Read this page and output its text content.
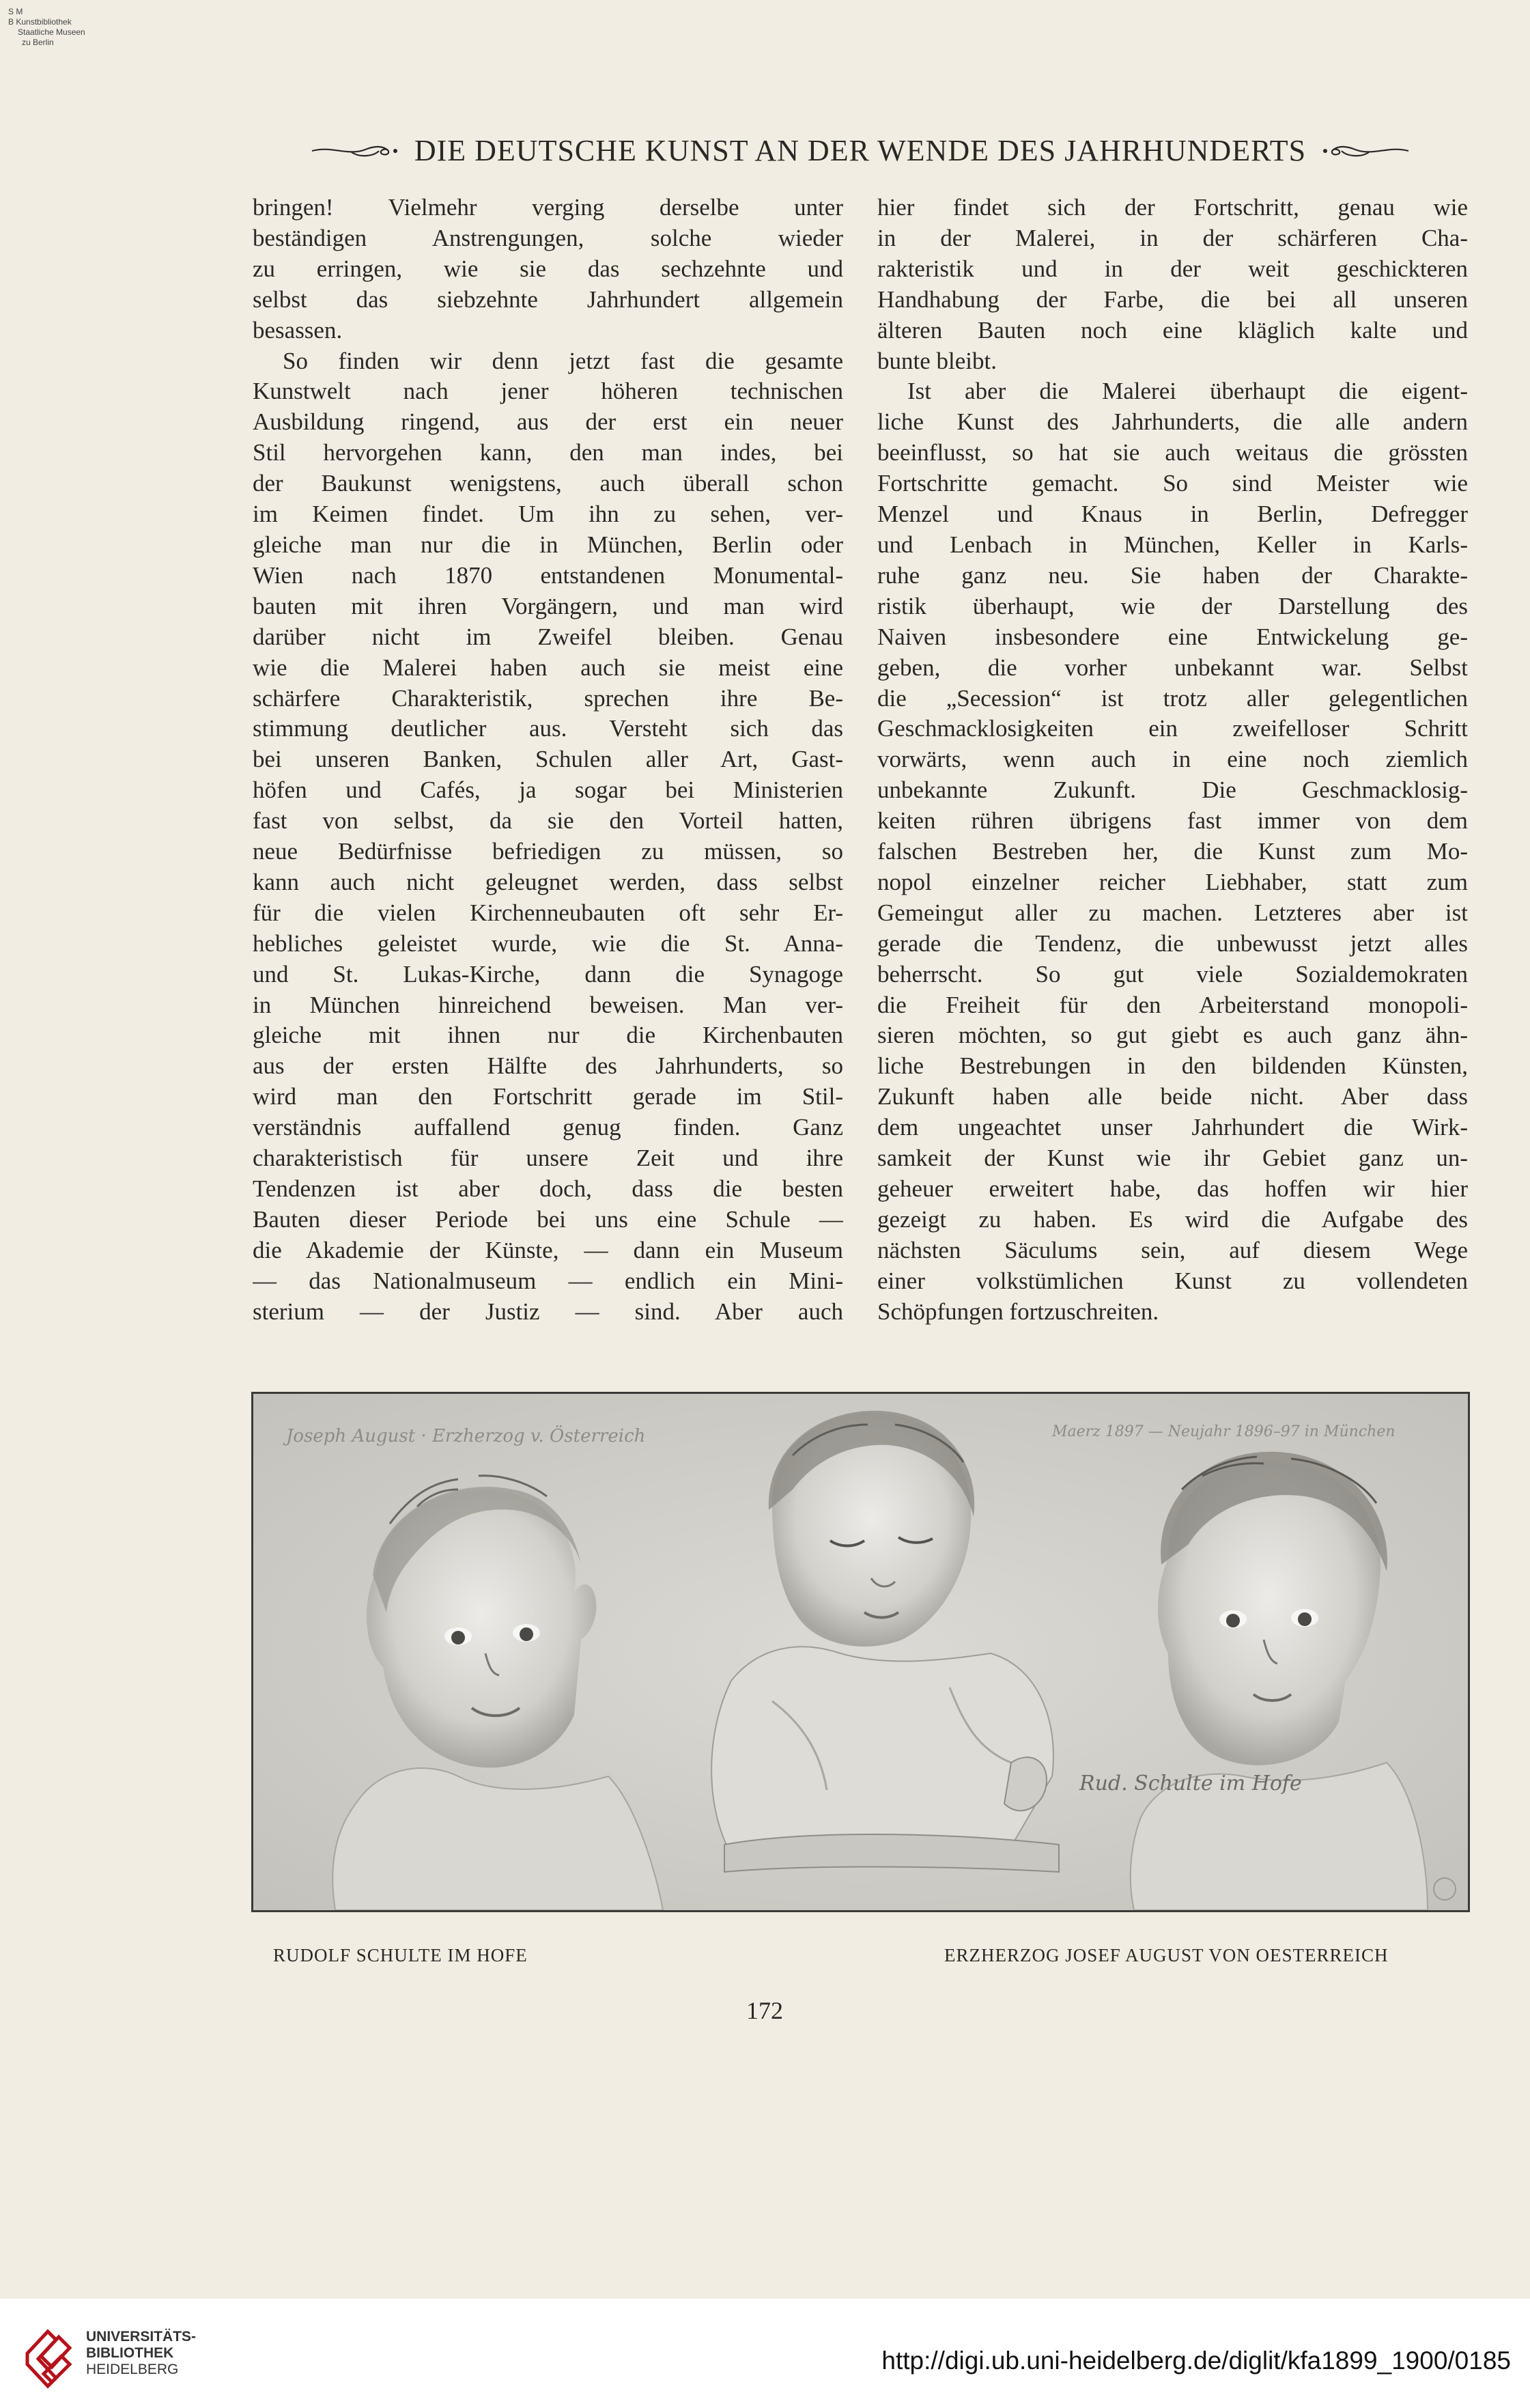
S M
B Kunstbibliothek
Staatliche Museen
zu Berlin
DIE DEUTSCHE KUNST AN DER WENDE DES JAHRHUNDERTS
bringen! Vielmehr verging derselbe unter
beständigen Anstrengungen, solche wieder
zu erringen, wie sie das sechzehnte und
selbst das siebzehnte Jahrhundert allgemein
besassen.
So finden wir denn jetzt fast die gesamte
Kunstwelt nach jener höheren technischen
Ausbildung ringend, aus der erst ein neuer
Stil hervorgehen kann, den man indes, bei
der Baukunst wenigstens, auch überall schon
im Keimen findet. Um ihn zu sehen, ver-
gleiche man nur die in München, Berlin oder
Wien nach 1870 entstandenen Monumental-
bauten mit ihren Vorgängern, und man wird
darüber nicht im Zweifel bleiben. Genau
wie die Malerei haben auch sie meist eine
schärfere Charakteristik, sprechen ihre Be-
stimmung deutlicher aus. Versteht sich das
bei unseren Banken, Schulen aller Art, Gast-
höfen und Cafés, ja sogar bei Ministerien
fast von selbst, da sie den Vorteil hatten,
neue Bedürfnisse befriedigen zu müssen, so
kann auch nicht geleugnet werden, dass selbst
für die vielen Kirchenneubauten oft sehr Er-
hebliches geleistet wurde, wie die St. Anna-
und St. Lukas-Kirche, dann die Synagoge
in München hinreichend beweisen. Man ver-
gleiche mit ihnen nur die Kirchenbauten
aus der ersten Hälfte des Jahrhunderts, so
wird man den Fortschritt gerade im Stil-
verständnis auffallend genug finden. Ganz
charakteristisch für unsere Zeit und ihre
Tendenzen ist aber doch, dass die besten
Bauten dieser Periode bei uns eine Schule —
die Akademie der Künste, — dann ein Museum
— das Nationalmuseum — endlich ein Mini-
sterium — der Justiz — sind. Aber auch
hier findet sich der Fortschritt, genau wie
in der Malerei, in der schärferen Cha-
rakteristik und in der weit geschickteren
Handhabung der Farbe, die bei all unseren
älteren Bauten noch eine kläglich kalte und
bunte bleibt.
Ist aber die Malerei überhaupt die eigent-
liche Kunst des Jahrhunderts, die alle andern
beeinflusst, so hat sie auch weitaus die grössten
Fortschritte gemacht. So sind Meister wie
Menzel und Knaus in Berlin, Defregger
und Lenbach in München, Keller in Karls-
ruhe ganz neu. Sie haben der Charakte-
ristik überhaupt, wie der Darstellung des
Naiven insbesondere eine Entwickelung ge-
geben, die vorher unbekannt war. Selbst
die „Secession“ ist trotz aller gelegentlichen
Geschmacklosigkeiten ein zweifelloser Schritt
vorwärts, wenn auch in eine noch ziemlich
unbekannte Zukunft. Die Geschmacklosig-
keiten rühren übrigens fast immer von dem
falschen Bestreben her, die Kunst zum Mo-
nopol einzelner reicher Liebhaber, statt zum
Gemeingut aller zu machen. Letzteres aber ist
gerade die Tendenz, die unbewusst jetzt alles
beherrscht. So gut viele Sozialdemokraten
die Freiheit für den Arbeiterstand monopoli-
sieren möchten, so gut giebt es auch ganz ähn-
liche Bestrebungen in den bildenden Künsten,
Zukunft haben alle beide nicht. Aber dass
dem ungeachtet unser Jahrhundert die Wirk-
samkeit der Kunst wie ihr Gebiet ganz un-
geheuer erweitert habe, das hoffen wir hier
gezeigt zu haben. Es wird die Aufgabe des
nächsten Säculums sein, auf diesem Wege
einer volkstümlichen Kunst zu vollendeten
Schöpfungen fortzuschreiten.
Joseph August · Erzherzog v. Österreich	Maerz 1897 — Neujahr 1896–97 in München
Rud. Schulte im Hofe
RUDOLF SCHULTE IM HOFE	ERZHERZOG JOSEF AUGUST VON OESTERREICH
172
UNIVERSITÄTS-
BIBLIOTHEK
HEIDELBERG	http://digi.ub.uni-heidelberg.de/diglit/kfa1899_1900/0185
